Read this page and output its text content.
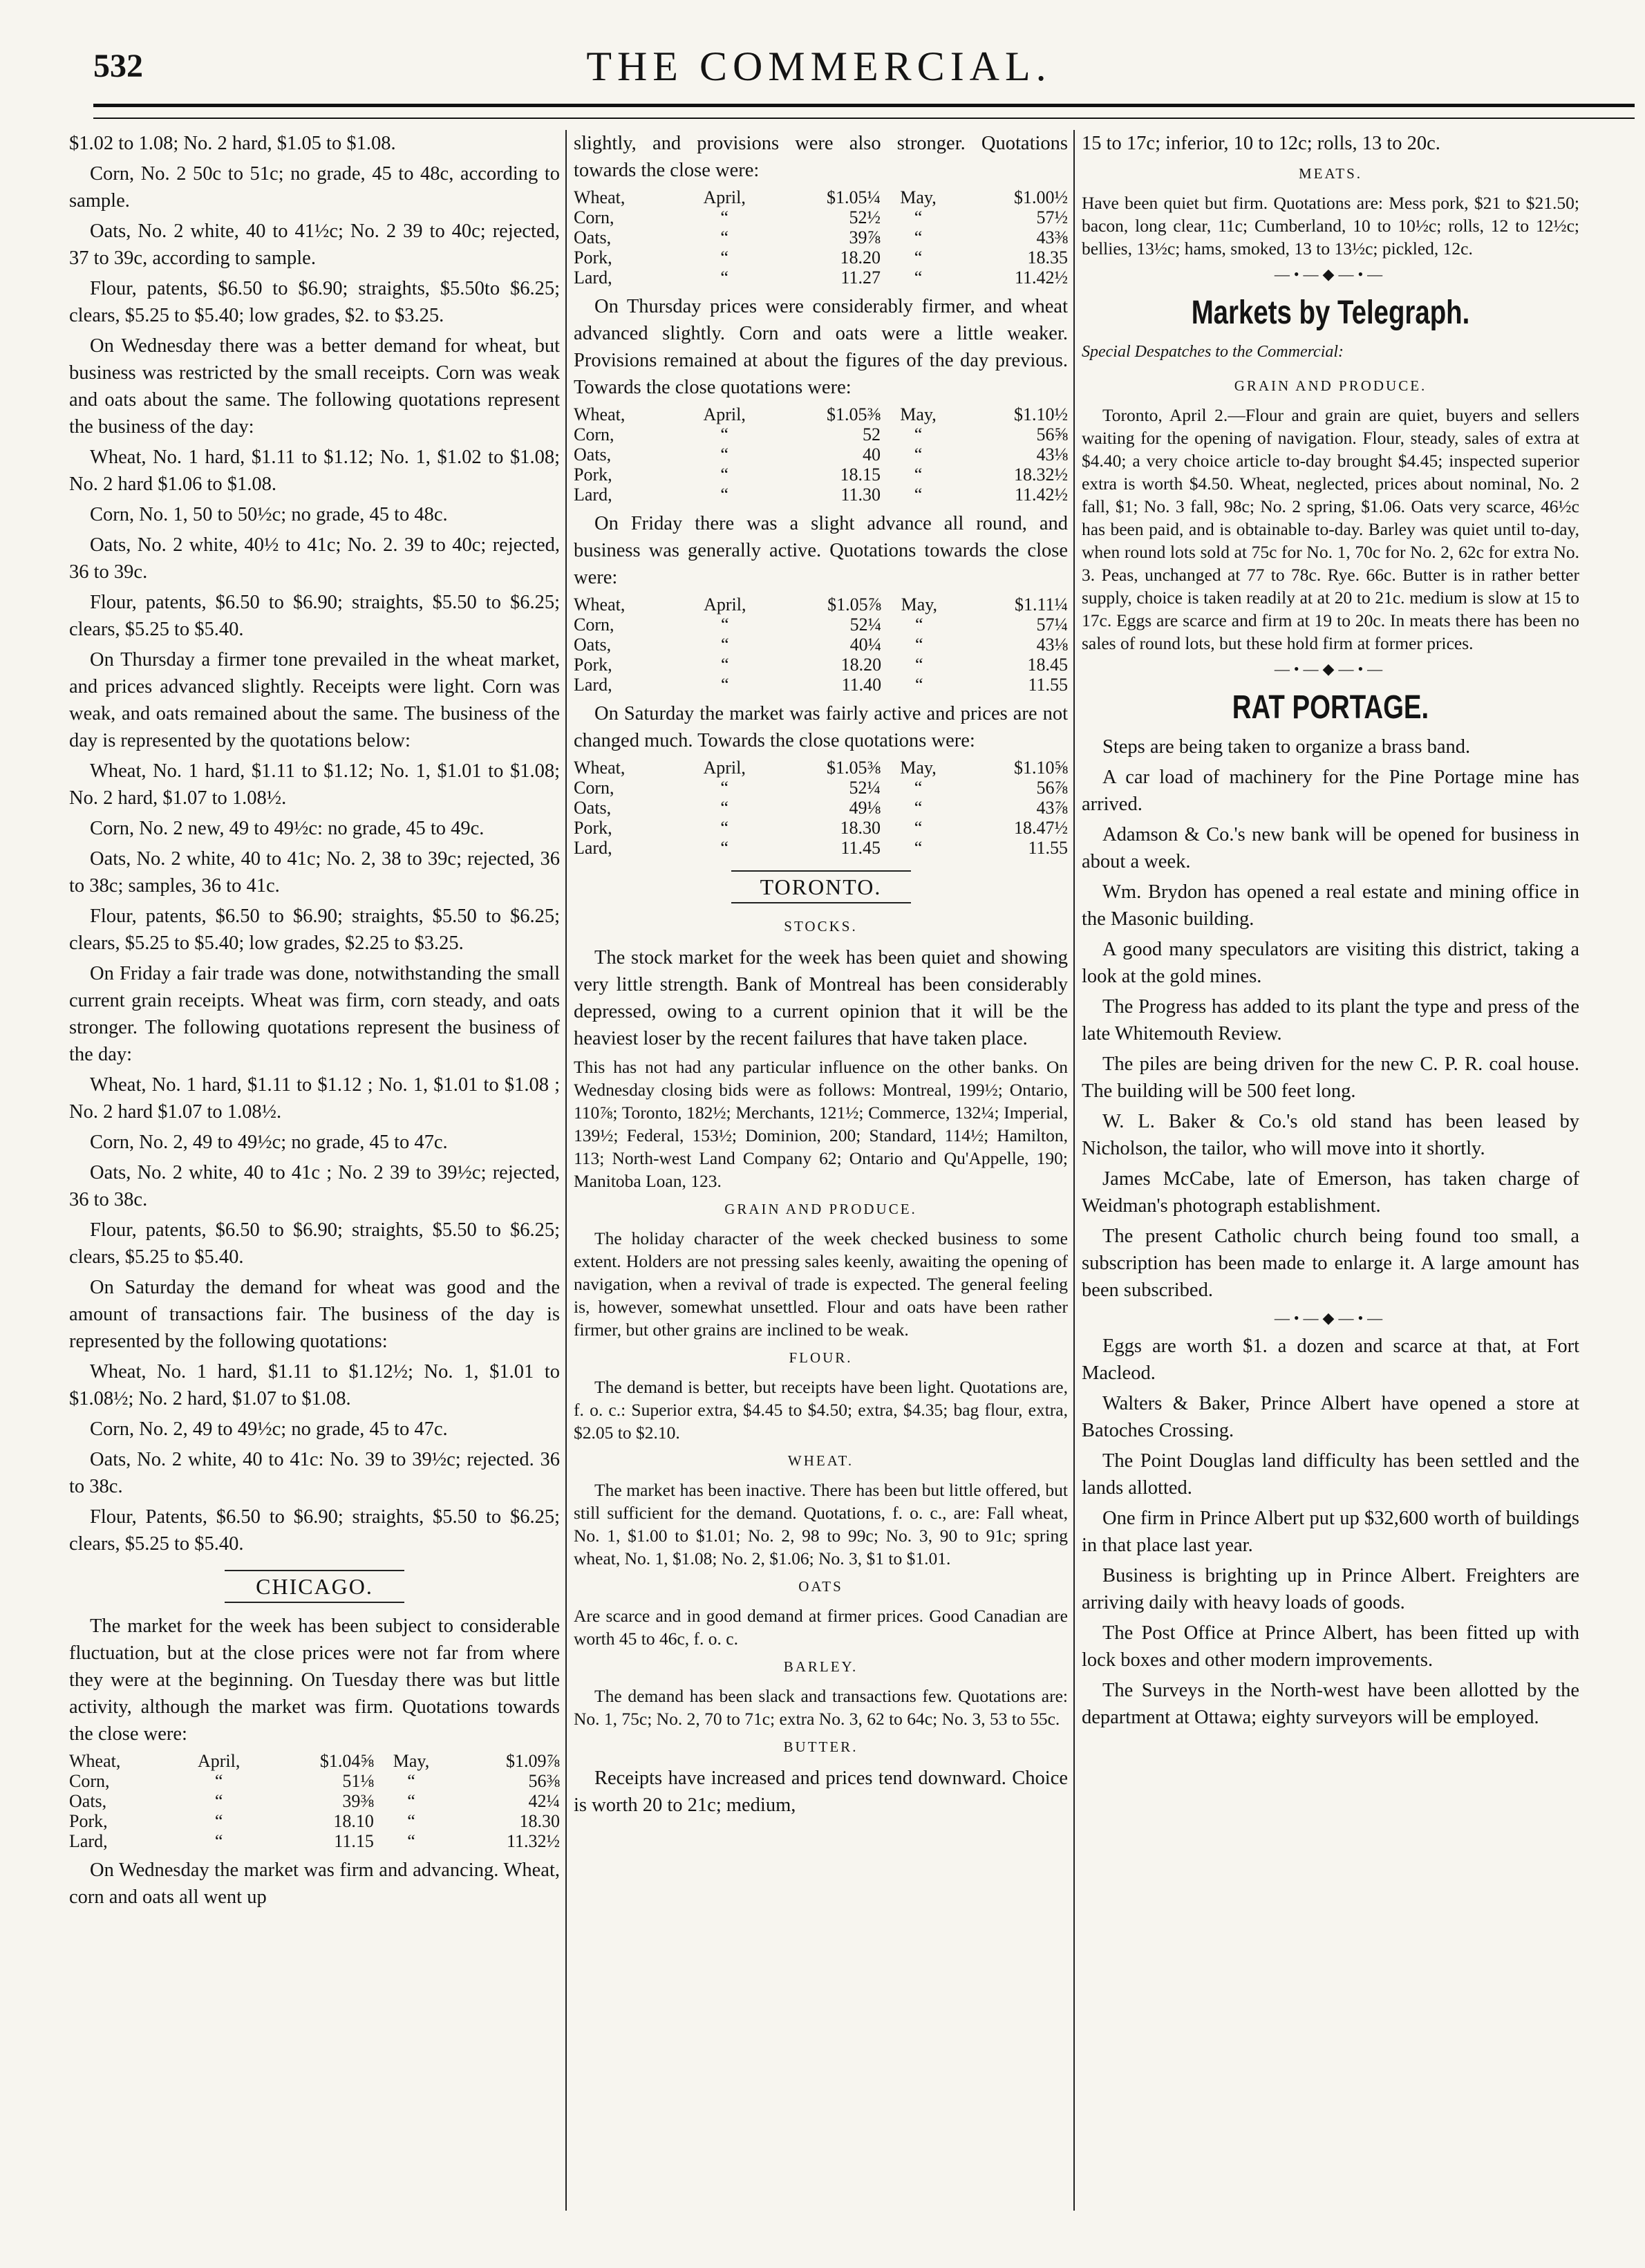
532	THE COMMERCIAL.

$1.02 to 1.08; No. 2 hard, $1.05 to $1.08.

Corn, No. 2 50c to 51c; no grade, 45 to 48c, according to sample.

Oats, No. 2 white, 40 to 41½c; No. 2 39 to 40c; rejected, 37 to 39c, according to sample.

Flour, patents, $6.50 to $6.90; straights, $5.50to $6.25; clears, $5.25 to $5.40; low grades, $2. to $3.25.

On Wednesday there was a better demand for wheat, but business was restricted by the small receipts. Corn was weak and oats about the same. The following quotations represent the business of the day:

Wheat, No. 1 hard, $1.11 to $1.12; No. 1, $1.02 to $1.08; No. 2 hard $1.06 to $1.08.

Corn, No. 1, 50 to 50½c; no grade, 45 to 48c.

Oats, No. 2 white, 40½ to 41c; No. 2. 39 to 40c; rejected, 36 to 39c.

Flour, patents, $6.50 to $6.90; straights, $5.50 to $6.25; clears, $5.25 to $5.40.

On Thursday a firmer tone prevailed in the wheat market, and prices advanced slightly. Receipts were light. Corn was weak, and oats remained about the same. The business of the day is represented by the quotations below:

Wheat, No. 1 hard, $1.11 to $1.12; No. 1, $1.01 to $1.08; No. 2 hard, $1.07 to 1.08½.

Corn, No. 2 new, 49 to 49½c: no grade, 45 to 49c.

Oats, No. 2 white, 40 to 41c; No. 2, 38 to 39c; rejected, 36 to 38c; samples, 36 to 41c.

Flour, patents, $6.50 to $6.90; straights, $5.50 to $6.25; clears, $5.25 to $5.40; low grades, $2.25 to $3.25.

On Friday a fair trade was done, notwithstanding the small current grain receipts. Wheat was firm, corn steady, and oats stronger. The following quotations represent the business of the day:

Wheat, No. 1 hard, $1.11 to $1.12 ; No. 1, $1.01 to $1.08 ; No. 2 hard $1.07 to 1.08½.

Corn, No. 2, 49 to 49½c; no grade, 45 to 47c.

Oats, No. 2 white, 40 to 41c ; No. 2 39 to 39½c; rejected, 36 to 38c.

Flour, patents, $6.50 to $6.90; straights, $5.50 to $6.25; clears, $5.25 to $5.40.

On Saturday the demand for wheat was good and the amount of transactions fair. The business of the day is represented by the following quotations:

Wheat, No. 1 hard, $1.11 to $1.12½; No. 1, $1.01 to $1.08½; No. 2 hard, $1.07 to $1.08.

Corn, No. 2, 49 to 49½c; no grade, 45 to 47c.

Oats, No. 2 white, 40 to 41c: No. 39 to 39½c; rejected. 36 to 38c.

Flour, Patents, $6.50 to $6.90; straights, $5.50 to $6.25; clears, $5.25 to $5.40.

CHICAGO.

The market for the week has been subject to considerable fluctuation, but at the close prices were not far from where they were at the beginning. On Tuesday there was but little activity, although the market was firm. Quotations towards the close were:

Wheat,	April,	$1.04⅝	May,	$1.09⅞
Corn,	“	51⅛	“	56⅜
Oats,	“	39⅜	“	42¼
Pork,	“	18.10	“	18.30
Lard,	“	11.15	“	11.32½

On Wednesday the market was firm and advancing. Wheat, corn and oats all went up

slightly, and provisions were also stronger. Quotations towards the close were:

Wheat,	April,	$1.05¼	May,	$1.00½
Corn,	“	52½	“	57½
Oats,	“	39⅞	“	43⅜
Pork,	“	18.20	“	18.35
Lard,	“	11.27	“	11.42½

On Thursday prices were considerably firmer, and wheat advanced slightly. Corn and oats were a little weaker. Provisions remained at about the figures of the day previous. Towards the close quotations were:

Wheat,	April,	$1.05⅜	May,	$1.10½
Corn,	“	52	“	56⅝
Oats,	“	40	“	43⅛
Pork,	“	18.15	“	18.32½
Lard,	“	11.30	“	11.42½

On Friday there was a slight advance all round, and business was generally active. Quotations towards the close were:

Wheat,	April,	$1.05⅞	May,	$1.11¼
Corn,	“	52¼	“	57¼
Oats,	“	40¼	“	43⅛
Pork,	“	18.20	“	18.45
Lard,	“	11.40	“	11.55

On Saturday the market was fairly active and prices are not changed much. Towards the close quotations were:

Wheat,	April,	$1.05⅜	May,	$1.10⅝
Corn,	“	52¼	“	56⅞
Oats,	“	49⅛	“	43⅞
Pork,	“	18.30	“	18.47½
Lard,	“	11.45	“	11.55
TORONTO.
STOCKS.

The stock market for the week has been quiet and showing very little strength. Bank of Montreal has been considerably depressed, owing to a current opinion that it will be the heaviest loser by the recent failures that have taken place.

This has not had any particular influence on the other banks. On Wednesday closing bids were as follows: Montreal, 199½; Ontario, 110⅞; Toronto, 182½; Merchants, 121½; Commerce, 132¼; Imperial, 139½; Federal, 153½; Dominion, 200; Standard, 114½; Hamilton, 113; North-west Land Company 62; Ontario and Qu'Appelle, 190; Manitoba Loan, 123.

GRAIN AND PRODUCE.

The holiday character of the week checked business to some extent. Holders are not pressing sales keenly, awaiting the opening of navigation, when a revival of trade is expected. The general feeling is, however, somewhat unsettled. Flour and oats have been rather firmer, but other grains are inclined to be weak.

FLOUR.

The demand is better, but receipts have been light. Quotations are, f. o. c.: Superior extra, $4.45 to $4.50; extra, $4.35; bag flour, extra, $2.05 to $2.10.

WHEAT.

The market has been inactive. There has been but little offered, but still sufficient for the demand. Quotations, f. o. c., are: Fall wheat, No. 1, $1.00 to $1.01; No. 2, 98 to 99c; No. 3, 90 to 91c; spring wheat, No. 1, $1.08; No. 2, $1.06; No. 3, $1 to $1.01.

OATS

Are scarce and in good demand at firmer prices. Good Canadian are worth 45 to 46c, f. o. c.

BARLEY.

The demand has been slack and transactions few. Quotations are: No. 1, 75c; No. 2, 70 to 71c; extra No. 3, 62 to 64c; No. 3, 53 to 55c.

BUTTER.

Receipts have increased and prices tend downward. Choice is worth 20 to 21c; medium,

15 to 17c; inferior, 10 to 12c; rolls, 13 to 20c.

MEATS.

Have been quiet but firm. Quotations are: Mess pork, $21 to $21.50; bacon, long clear, 11c; Cumberland, 10 to 10½c; rolls, 12 to 12½c; bellies, 13½c; hams, smoked, 13 to 13½c; pickled, 12c.

—•—◆—•—
Markets by Telegraph.
Special Despatches to the Commercial:
GRAIN AND PRODUCE.

Toronto, April 2.—Flour and grain are quiet, buyers and sellers waiting for the opening of navigation. Flour, steady, sales of extra at $4.40; a very choice article to-day brought $4.45; inspected superior extra is worth $4.50. Wheat, neglected, prices about nominal, No. 2 fall, $1; No. 3 fall, 98c; No. 2 spring, $1.06. Oats very scarce, 46½c has been paid, and is obtainable to-day. Barley was quiet until to-day, when round lots sold at 75c for No. 1, 70c for No. 2, 62c for extra No. 3. Peas, unchanged at 77 to 78c. Rye. 66c. Butter is in rather better supply, choice is taken readily at at 20 to 21c. medium is slow at 15 to 17c. Eggs are scarce and firm at 19 to 20c. In meats there has been no sales of round lots, but these hold firm at former prices.

—•—◆—•—
RAT PORTAGE.

Steps are being taken to organize a brass band.

A car load of machinery for the Pine Portage mine has arrived.

Adamson & Co.'s new bank will be opened for business in about a week.

Wm. Brydon has opened a real estate and mining office in the Masonic building.

A good many speculators are visiting this district, taking a look at the gold mines.

The Progress has added to its plant the type and press of the late Whitemouth Review.

The piles are being driven for the new C. P. R. coal house. The building will be 500 feet long.

W. L. Baker & Co.'s old stand has been leased by Nicholson, the tailor, who will move into it shortly.

James McCabe, late of Emerson, has taken charge of Weidman's photograph establishment.

The present Catholic church being found too small, a subscription has been made to enlarge it. A large amount has been subscribed.

—•—◆—•—

Eggs are worth $1. a dozen and scarce at that, at Fort Macleod.

Walters & Baker, Prince Albert have opened a store at Batoches Crossing.

The Point Douglas land difficulty has been settled and the lands allotted.

One firm in Prince Albert put up $32,600 worth of buildings in that place last year.

Business is brighting up in Prince Albert. Freighters are arriving daily with heavy loads of goods.

The Post Office at Prince Albert, has been fitted up with lock boxes and other modern improvements.

The Surveys in the North-west have been allotted by the department at Ottawa; eighty surveyors will be employed.
